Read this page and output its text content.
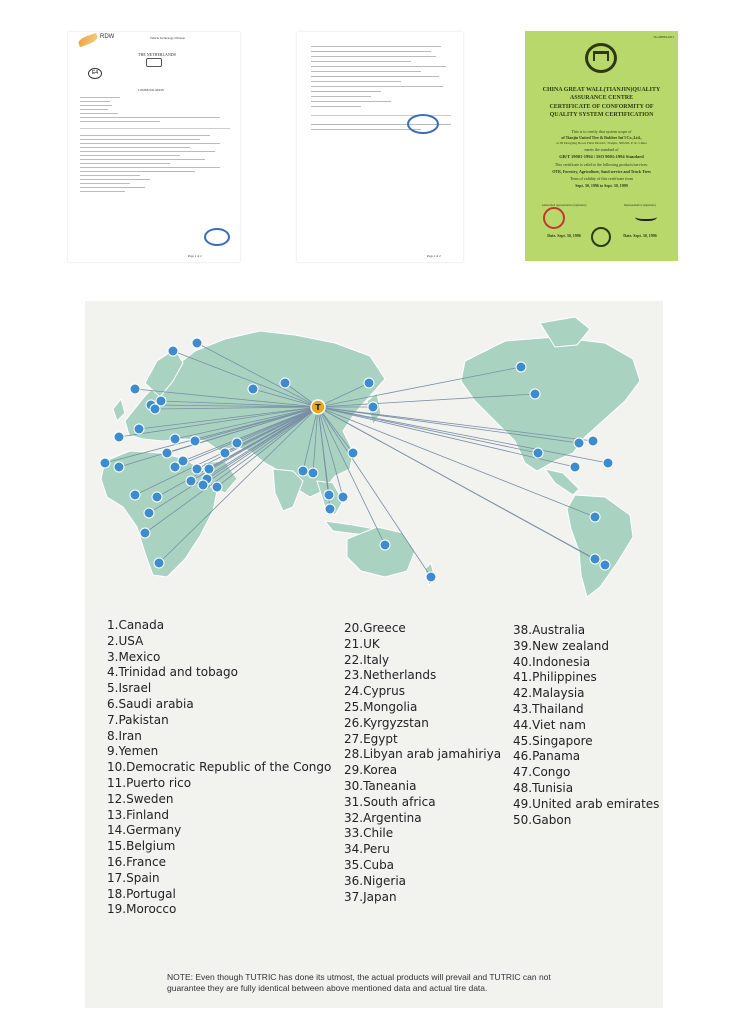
RDW	Vehicle Technology Division
THE NETHERLANDS
E4
COMMUNICATION
Page 1 of 2	Page 2 of 2
No.0886L0/01
CHINA GREAT WALL(TIANJIN)QUALITY
ASSURANCE CENTRE
CERTIFICATE OF CONFORMITY OF
QUALITY SYSTEM CERTIFICATION
This is to certify that system scope of
of Tianjin United Tire & Rubber Int'l Co.,Ltd.,
at 38 Dongting Road, Hexi District, Tianjin, 300220, P. R. China
meets the standard of
GB/T 19001-1994 / ISO 9001:1994 Standard
This certificate is valid to the following products/services:
OTR, Forestry, Agriculture, Sand service and Truck Tires
Term of validity of this certificate from
Sept. 30, 1996 to Sept. 30, 1999
Authorized representative (signature)	Representative (signature)
Date. Sept. 30, 1996	Date. Sept. 30, 1996
T
1.Canada
2.USA
3.Mexico
4.Trinidad and tobago
5.Israel
6.Saudi arabia
7.Pakistan
8.Iran
9.Yemen
10.Democratic Republic of the Congo
11.Puerto rico
12.Sweden
13.Finland
14.Germany
15.Belgium
16.France
17.Spain
18.Portugal
19.Morocco
20.Greece
21.UK
22.Italy
23.Netherlands
24.Cyprus
25.Mongolia
26.Kyrgyzstan
27.Egypt
28.Libyan arab jamahiriya
29.Korea
30.Taneania
31.South africa
32.Argentina
33.Chile
34.Peru
35.Cuba
36.Nigeria
37.Japan
38.Australia
39.New zealand
40.Indonesia
41.Philippines
42.Malaysia
43.Thailand
44.Viet nam
45.Singapore
46.Panama
47.Congo
48.Tunisia
49.United arab emirates
50.Gabon
NOTE: Even though TUTRIC has done its utmost, the actual products will prevail and TUTRIC can not
guarantee they are fully identical between above mentioned data and actual tire data.
